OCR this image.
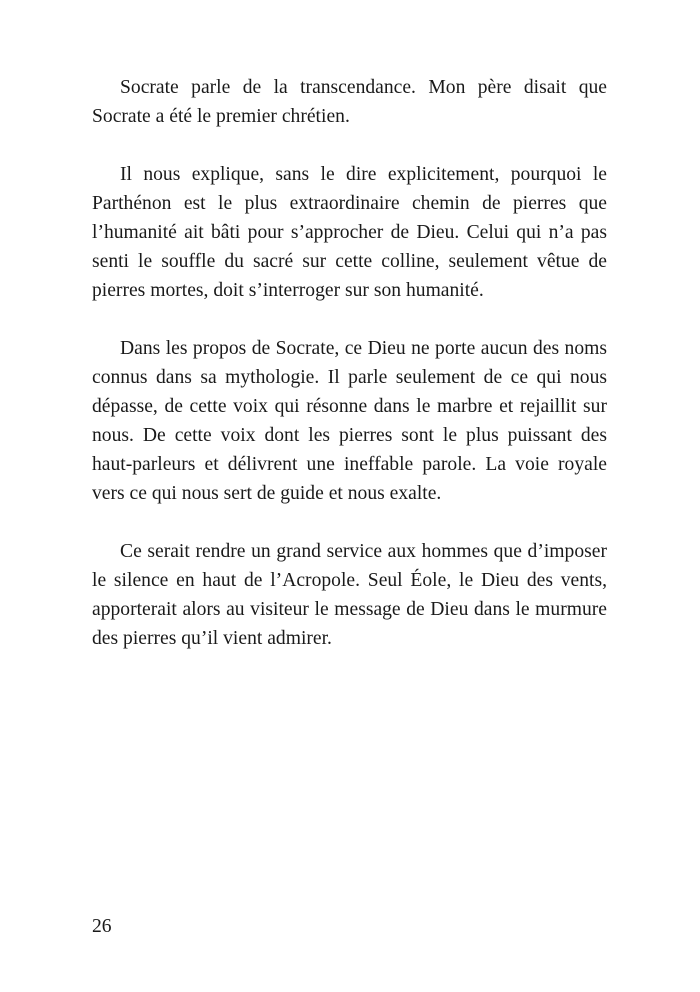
Socrate parle de la transcendance. Mon père disait que Socrate a été le premier chrétien.

Il nous explique, sans le dire explicitement, pourquoi le Parthénon est le plus extraordinaire chemin de pierres que l’humanité ait bâti pour s’approcher de Dieu. Celui qui n’a pas senti le souffle du sacré sur cette colline, seulement vêtue de pierres mortes, doit s’interroger sur son humanité.

Dans les propos de Socrate, ce Dieu ne porte aucun des noms connus dans sa mythologie. Il parle seulement de ce qui nous dépasse, de cette voix qui résonne dans le marbre et rejaillit sur nous. De cette voix dont les pierres sont le plus puissant des haut-parleurs et délivrent une ineffable parole. La voie royale vers ce qui nous sert de guide et nous exalte.

Ce serait rendre un grand service aux hommes que d’imposer le silence en haut de l’Acropole. Seul Éole, le Dieu des vents, apporterait alors au visiteur le message de Dieu dans le murmure des pierres qu’il vient admirer.

26
